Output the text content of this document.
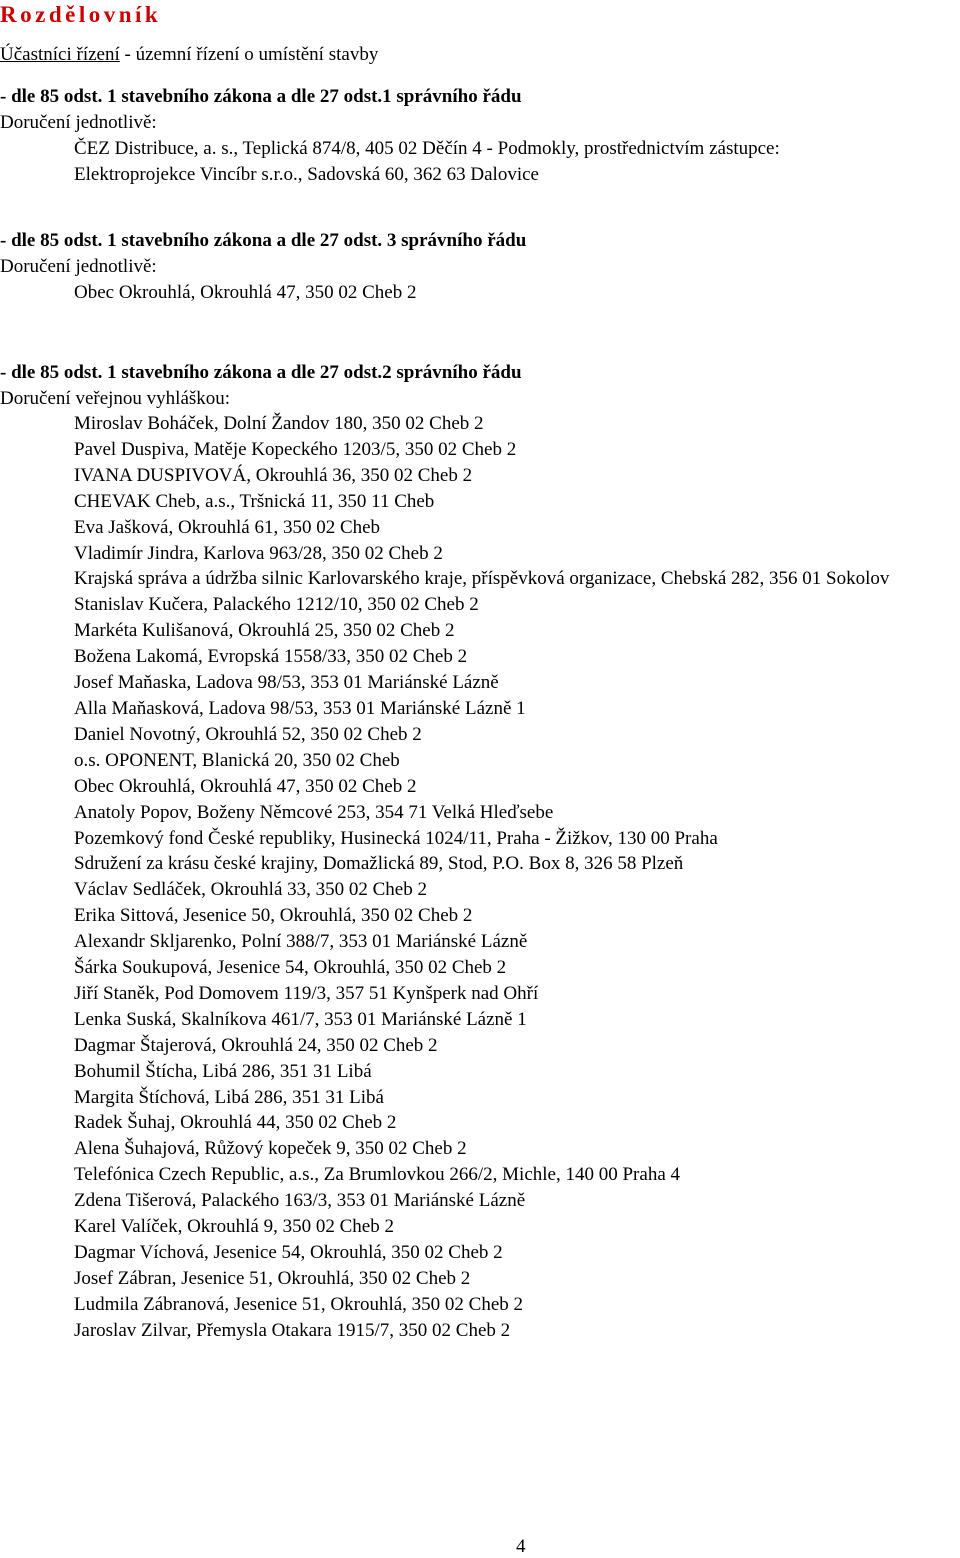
Rozdělovník
Účastníci řízení - územní řízení o umístění stavby
- dle 85 odst. 1 stavebního zákona a dle 27 odst.1 správního řádu
Doručení jednotlivě:
ČEZ Distribuce, a. s., Teplická 874/8, 405 02 Děčín 4 - Podmokly, prostřednictvím zástupce:
Elektroprojekce Vincíbr s.r.o., Sadovská 60, 362 63 Dalovice
- dle 85 odst. 1 stavebního zákona a dle 27 odst. 3 správního řádu
Doručení jednotlivě:
Obec Okrouhlá, Okrouhlá 47, 350 02 Cheb 2
- dle 85 odst. 1 stavebního zákona a dle 27 odst.2 správního řádu
Doručení veřejnou vyhláškou:
Miroslav Boháček, Dolní Žandov 180, 350 02 Cheb 2
Pavel Duspiva, Matěje Kopeckého 1203/5, 350 02 Cheb 2
IVANA DUSPIVOVÁ, Okrouhlá 36, 350 02 Cheb 2
CHEVAK Cheb, a.s., Tršnická 11, 350 11 Cheb
Eva Jašková, Okrouhlá 61, 350 02 Cheb
Vladimír Jindra, Karlova 963/28, 350 02 Cheb 2
Krajská správa a údržba silnic Karlovarského kraje, příspěvková organizace, Chebská 282, 356 01 Sokolov
Stanislav Kučera, Palackého 1212/10, 350 02 Cheb 2
Markéta Kulišanová, Okrouhlá 25, 350 02 Cheb 2
Božena Lakomá, Evropská 1558/33, 350 02 Cheb 2
Josef Maňaska, Ladova 98/53, 353 01 Mariánské Lázně
Alla Maňasková, Ladova 98/53, 353 01 Mariánské Lázně 1
Daniel Novotný, Okrouhlá 52, 350 02 Cheb 2
o.s. OPONENT, Blanická 20, 350 02 Cheb
Obec Okrouhlá, Okrouhlá 47, 350 02 Cheb 2
Anatoly Popov, Boženy Němcové 253, 354 71 Velká Hleďsebe
Pozemkový fond České republiky, Husinecká 1024/11, Praha - Žižkov, 130 00 Praha
Sdružení za krásu české krajiny, Domažlická 89, Stod, P.O. Box 8, 326 58 Plzeň
Václav Sedláček, Okrouhlá 33, 350 02 Cheb 2
Erika Sittová, Jesenice 50, Okrouhlá, 350 02 Cheb 2
Alexandr Skljarenko, Polní 388/7, 353 01 Mariánské Lázně
Šárka Soukupová, Jesenice 54, Okrouhlá, 350 02 Cheb 2
Jiří Staněk, Pod Domovem 119/3, 357 51 Kynšperk nad Ohří
Lenka Suská, Skalníkova 461/7, 353 01 Mariánské Lázně 1
Dagmar Štajerová, Okrouhlá 24, 350 02 Cheb 2
Bohumil Štícha, Libá 286, 351 31 Libá
Margita Štíchová, Libá 286, 351 31 Libá
Radek Šuhaj, Okrouhlá 44, 350 02 Cheb 2
Alena Šuhajová, Růžový kopeček 9, 350 02 Cheb 2
Telefónica Czech Republic, a.s., Za Brumlovkou 266/2, Michle, 140 00 Praha 4
Zdena Tišerová, Palackého 163/3, 353 01 Mariánské Lázně
Karel Valíček, Okrouhlá 9, 350 02 Cheb 2
Dagmar Víchová, Jesenice 54, Okrouhlá, 350 02 Cheb 2
Josef Zábran, Jesenice 51, Okrouhlá, 350 02 Cheb 2
Ludmila Zábranová, Jesenice 51, Okrouhlá, 350 02 Cheb 2
Jaroslav Zilvar, Přemysla Otakara 1915/7, 350 02 Cheb 2
4
